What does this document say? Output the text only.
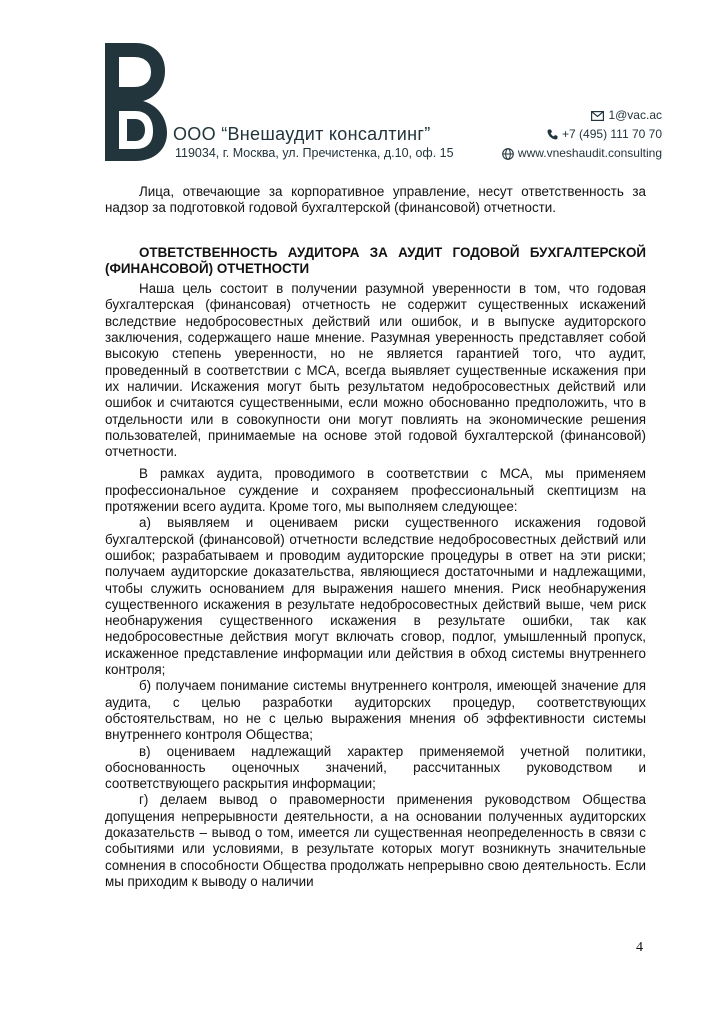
ООО “Внешаудит консалтинг”
119034, г. Москва, ул. Пречистенка, д.10, оф. 15
1@vac.ac
+7 (495) 111 70 70
www.vneshaudit.consulting

Лица, отвечающие за корпоративное управление, несут ответственность за надзор за подготовкой годовой бухгалтерской (финансовой) отчетности.

ОТВЕТСТВЕННОСТЬ АУДИТОРА ЗА АУДИТ ГОДОВОЙ БУХГАЛТЕРСКОЙ (ФИНАНСОВОЙ) ОТЧЕТНОСТИ

Наша цель состоит в получении разумной уверенности в том, что годовая бухгалтерская (финансовая) отчетность не содержит существенных искажений вследствие недобросовестных действий или ошибок, и в выпуске аудиторского заключения, содержащего наше мнение. Разумная уверенность представляет собой высокую степень уверенности, но не является гарантией того, что аудит, проведенный в соответствии с МСА, всегда выявляет существенные искажения при их наличии. Искажения могут быть результатом недобросовестных действий или ошибок и считаются существенными, если можно обоснованно предположить, что в отдельности или в совокупности они могут повлиять на экономические решения пользователей, принимаемые на основе этой годовой бухгалтерской (финансовой) отчетности.

В рамках аудита, проводимого в соответствии с МСА, мы применяем профессиональное суждение и сохраняем профессиональный скептицизм на протяжении всего аудита. Кроме того, мы выполняем следующее:

а) выявляем и оцениваем риски существенного искажения годовой бухгалтерской (финансовой) отчетности вследствие недобросовестных действий или ошибок; разрабатываем и проводим аудиторские процедуры в ответ на эти риски; получаем аудиторские доказательства, являющиеся достаточными и надлежащими, чтобы служить основанием для выражения нашего мнения. Риск необнаружения существенного искажения в результате недобросовестных действий выше, чем риск необнаружения существенного искажения в результате ошибки, так как недобросовестные действия могут включать сговор, подлог, умышленный пропуск, искаженное представление информации или действия в обход системы внутреннего контроля;

б) получаем понимание системы внутреннего контроля, имеющей значение для аудита, с целью разработки аудиторских процедур, соответствующих обстоятельствам, но не с целью выражения мнения об эффективности системы внутреннего контроля Общества;

в) оцениваем надлежащий характер применяемой учетной политики, обоснованность оценочных значений, рассчитанных руководством и соответствующего раскрытия информации;

г) делаем вывод о правомерности применения руководством Общества допущения непрерывности деятельности, а на основании полученных аудиторских доказательств – вывод о том, имеется ли существенная неопределенность в связи с событиями или условиями, в результате которых могут возникнуть значительные сомнения в способности Общества продолжать непрерывно свою деятельность. Если мы приходим к выводу о наличии

4
